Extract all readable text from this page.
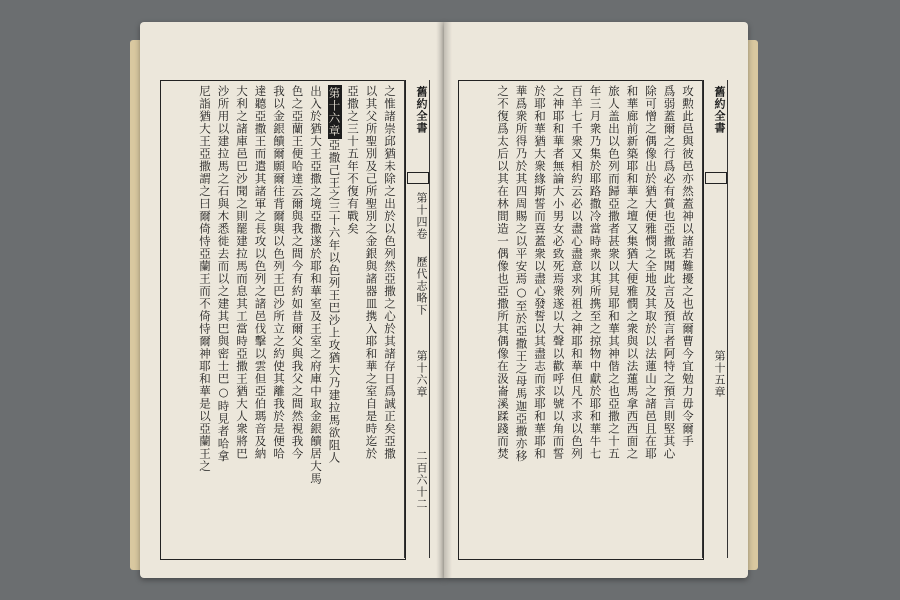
之惟諸崇邱猶未除之出於以色列然亞撒之心於其諸存日爲誠正矣亞撒
以其父所聖別及己所聖別之金銀與諸器皿携入耶和華之室自是時迄於
亞撒之三十五年不復有戰矣
第十六章亞撒己王之三十六年以色列王巴沙上攻猶大乃建拉馬欲阻人
出入於猶大王亞撒之境亞撒遂於耶和華室及王室之府庫中取金銀饋居大馬
色之亞蘭王便哈達云爾與我之間今有約如昔爾父與我父之間然視我今
我以金銀饋爾願爾往背爾與以色列王巴沙所立之約使其離我於是便哈
達聽亞撒王而遣其諸軍之長攻以色列之諸邑伐擊以雲但亞伯瑪音及納
大利之諸庫邑巴沙聞之則罷建拉馬而息其工當時亞撒王猶大人衆將巴
沙所用以建拉馬之石與木悉徙去而以之建其巴與密士巴○時見者哈拿
尼詣猶大王亞撒謂之曰爾倚恃亞蘭王而不倚恃爾神耶和華是以亞蘭王之	舊約全書
第十四卷
歷代志略下
第十六章
二百六十二
攻勲此邑與彼邑亦然蓋神以諸若難擾之也故爾曹今宜勉力毋令爾手
爲弱蓋爾之行爲必有賞也亞撒既聞此言及預言者阿特之預言則堅其心
除可憎之偶像出於猶大便雅憫之全地及其取於以法蓮山之諸邑且在耶
和華廊前新築耶和華之壇又集猶大便雅憫之衆與以法蓮馬拿西西面之
旅人盖出以色列而歸亞撒者甚衆以其見耶和華其神偕之也亞撒之十五
年三月衆乃集於耶路撒冷當時衆以其所携至之掠物中獻於耶和華牛七
百羊七千衆又相約云必以盡心盡意求列祖之神耶和華但凡不求以色列
之神耶和華者無論大小男女必致死焉衆遂以大聲以歡呼以號以角而誓
於耶和華猶大衆緣斯誓而喜蓋衆以盡心發誓以其盡志而求耶和華耶和
華爲衆所得乃於其四周賜之以平安焉○至於亞撒王之母馬迦亞撒亦移
之不復爲太后以其在林間造一偶像也亞撒所其偶像在汲崙溪蹂踐而焚	舊約全書
第十五章
